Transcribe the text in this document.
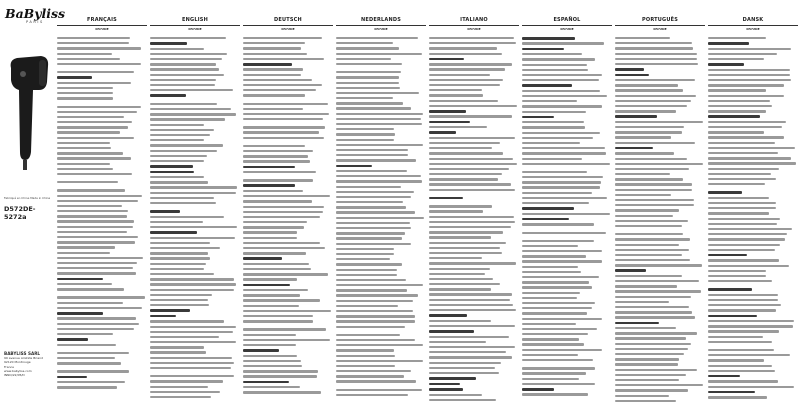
BaByliss
PARIS
Fabriqué en Chine Made in China
D572DE-5272a
BABYLISS SARL
99 avenue Aristide Briand
92120 Montrouge
France
www.babyliss.com
INNO/22/05/D
FRANÇAIS
D572DE
ENGLISH
D572DE
DEUTSCH
D572DE
NEDERLANDS
D572DE
ITALIANO
D572DE
ESPAÑOL
D572DE
PORTUGUÊS
D572DE
DANSK
D572DE
